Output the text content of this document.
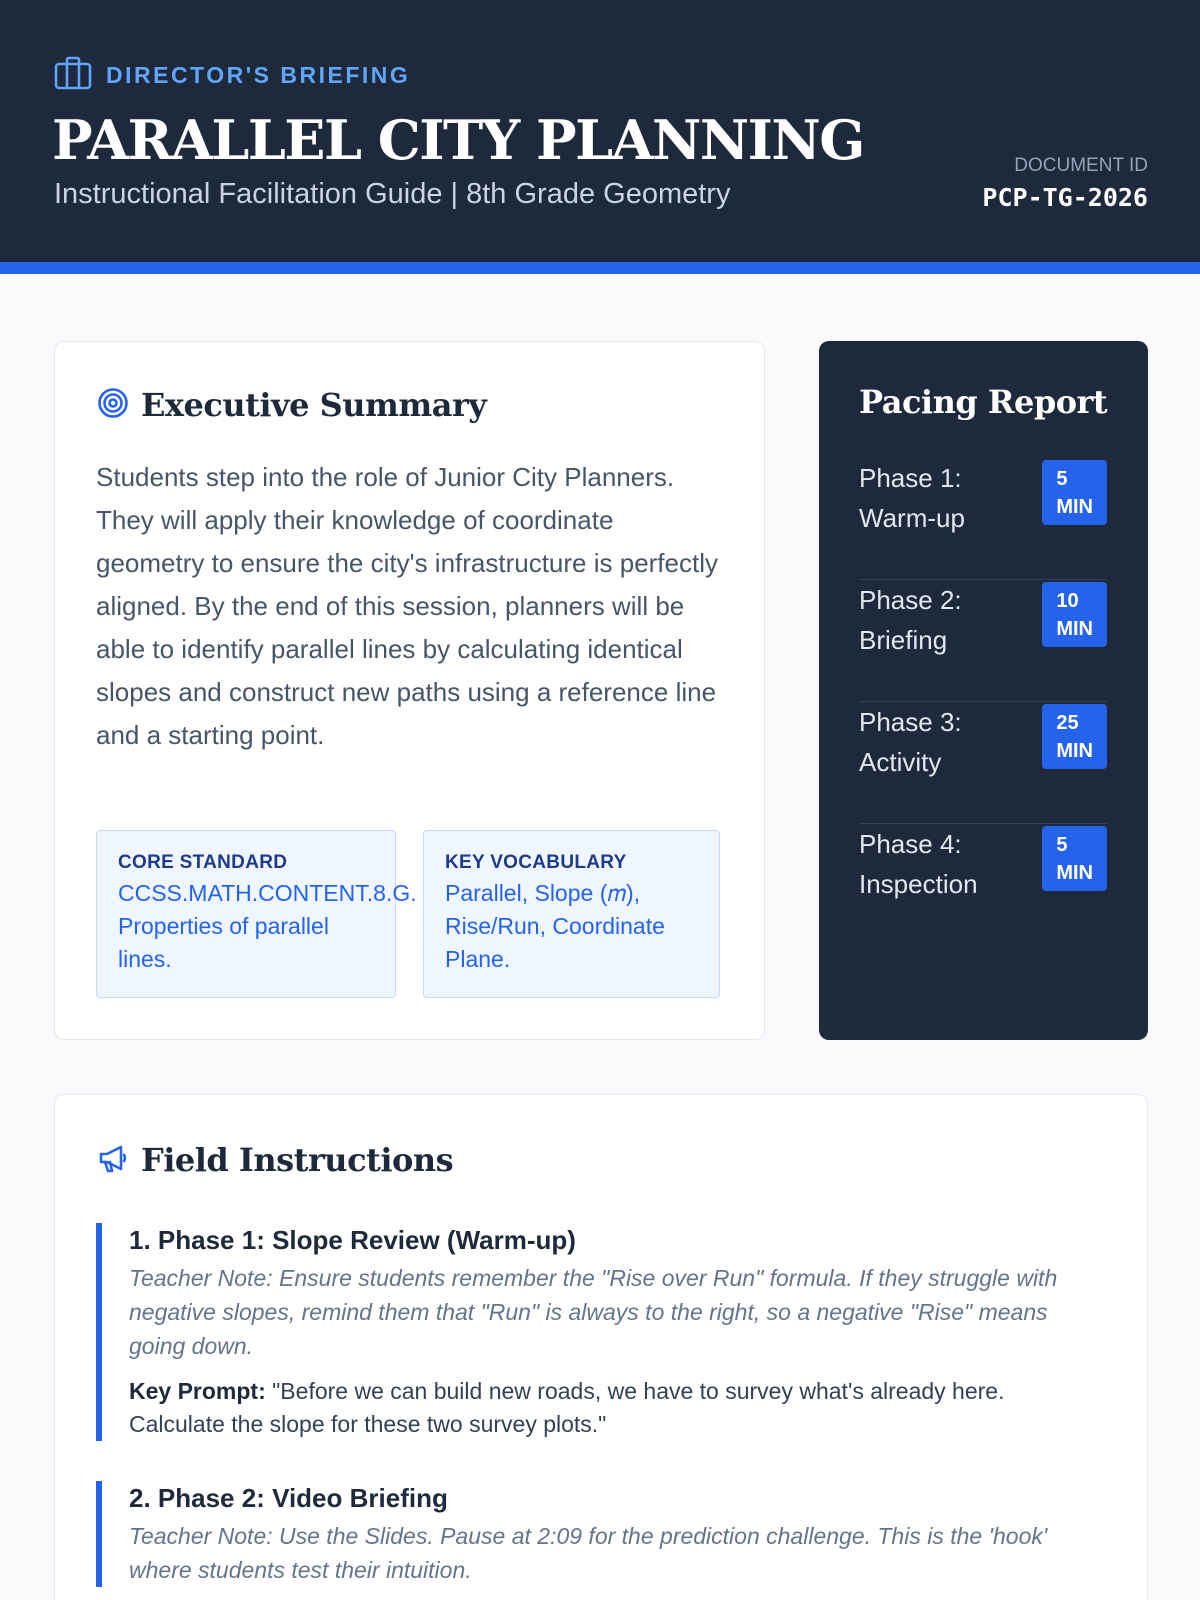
DIRECTOR'S BRIEFING
PARALLEL CITY PLANNING
Instructional Facilitation Guide | 8th Grade Geometry
DOCUMENT ID
PCP-TG-2026
Executive Summary

Students step into the role of Junior City Planners. They will apply their knowledge of coordinate geometry to ensure the city's infrastructure is perfectly aligned. By the end of this session, planners will be able to identify parallel lines by calculating identical slopes and construct new paths using a reference line and a starting point.

CORE STANDARD
CCSS.MATH.CONTENT.8.G.
Properties of parallel lines.
KEY VOCABULARY
Parallel, Slope (𝑚),
Rise/Run, Coordinate Plane.
Pacing Report
Phase 1:
Warm-up
5
MIN
Phase 2:
Briefing
10
MIN
Phase 3:
Activity
25
MIN
Phase 4:
Inspection
5
MIN
Field Instructions
1. Phase 1: Slope Review (Warm-up)
Teacher Note: Ensure students remember the "Rise over Run" formula. If they struggle with negative slopes, remind them that "Run" is always to the right, so a negative "Rise" means going down.
Key Prompt: "Before we can build new roads, we have to survey what's already here. Calculate the slope for these two survey plots."
2. Phase 2: Video Briefing
Teacher Note: Use the Slides. Pause at 2:09 for the prediction challenge. This is the 'hook' where students test their intuition.
